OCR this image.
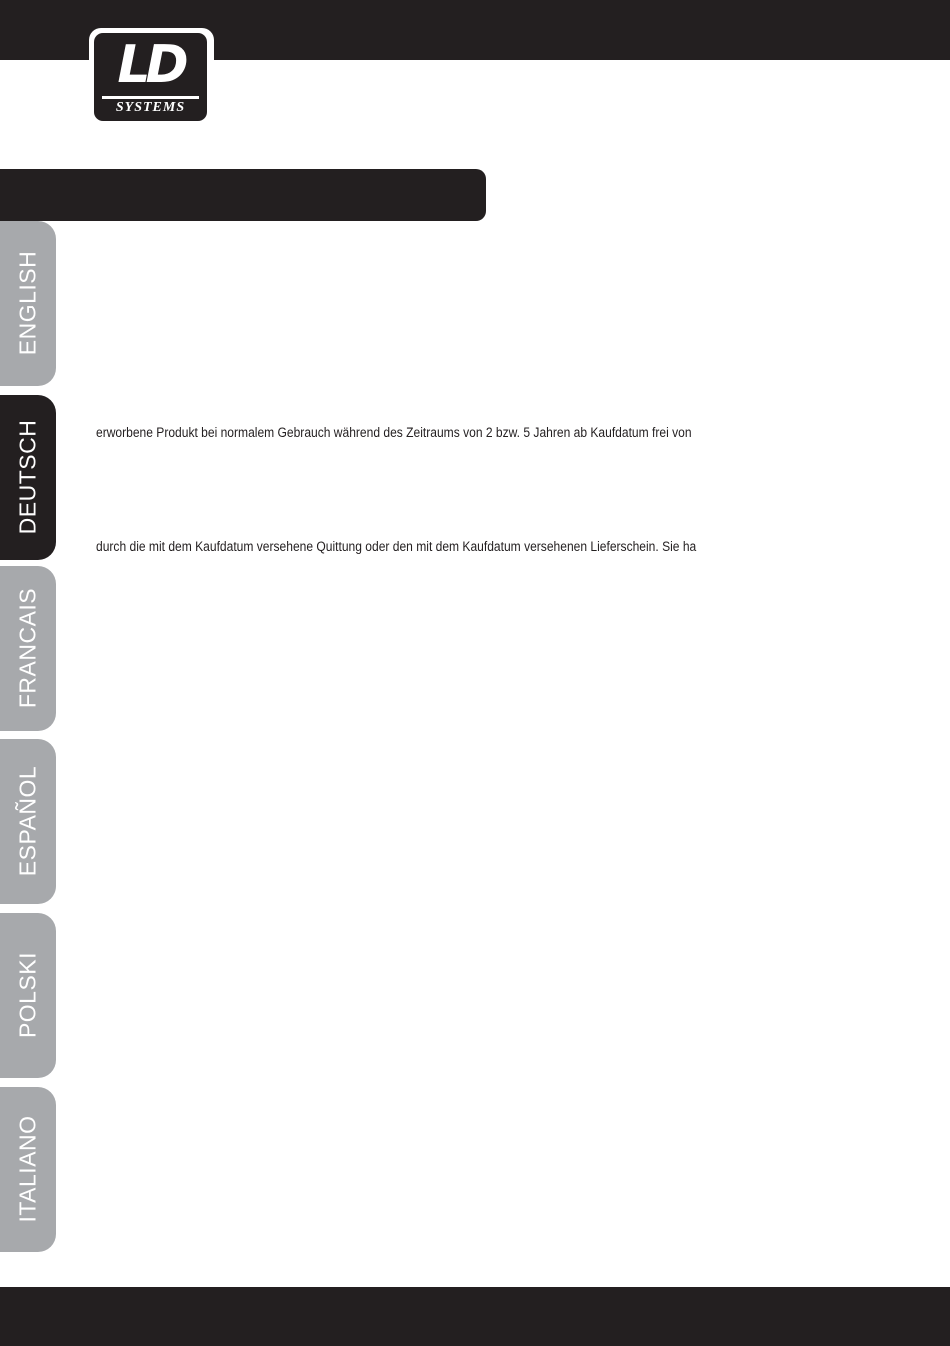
LD
SYSTEMS
ENGLISH
DEUTSCH
FRANCAIS
ESPAÑOL
POLSKI
ITALIANO
erworbene Produkt bei normalem Gebrauch während des Zeitraums von 2 bzw. 5 Jahren ab Kaufdatum frei von
durch die mit dem Kaufdatum versehene Quittung oder den mit dem Kaufdatum versehenen Lieferschein. Sie ha
